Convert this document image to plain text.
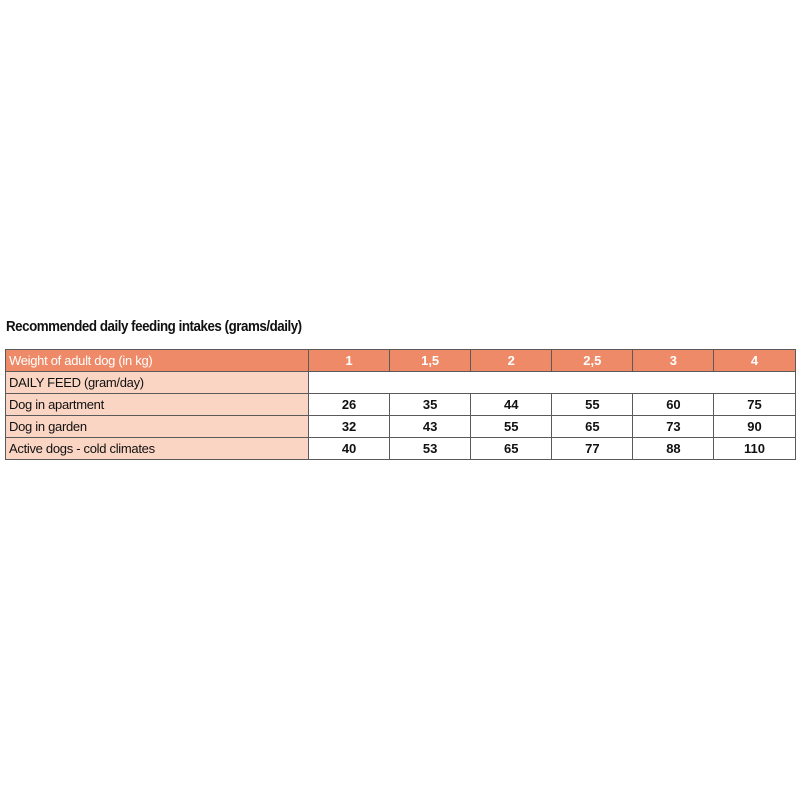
Recommended daily feeding intakes (grams/daily)
Weight of adult dog (in kg)	1	1,5	2	2,5	3	4
DAILY FEED (gram/day)						
Dog in apartment	26	35	44	55	60	75
Dog in garden	32	43	55	65	73	90
Active dogs - cold climates	40	53	65	77	88	110
